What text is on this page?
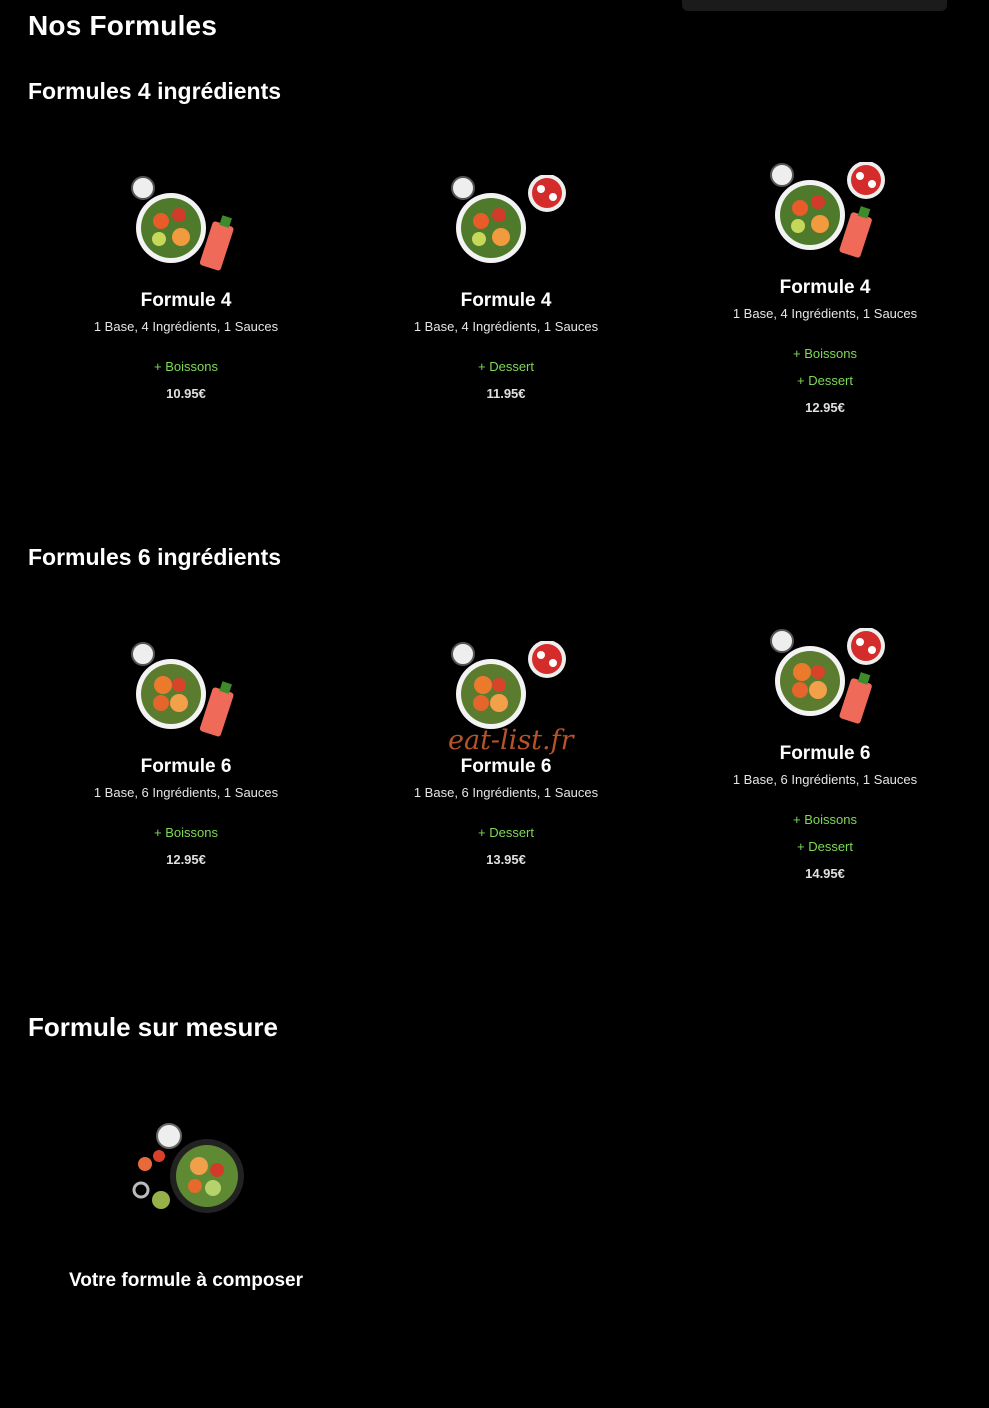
Nos Formules
Formules 4 ingrédients
Formule 4
1 Base, 4 Ingrédients, 1 Sauces
+ Boissons
10.95€
Formule 4
1 Base, 4 Ingrédients, 1 Sauces
+ Dessert
11.95€
Formule 4
1 Base, 4 Ingrédients, 1 Sauces
+ Boissons
+ Dessert
12.95€
Formules 6 ingrédients
Formule 6
1 Base, 6 Ingrédients, 1 Sauces
+ Boissons
12.95€
Formule 6
1 Base, 6 Ingrédients, 1 Sauces
+ Dessert
13.95€
Formule 6
1 Base, 6 Ingrédients, 1 Sauces
+ Boissons
+ Dessert
14.95€
eat-list.fr
Formule sur mesure
Votre formule à composer
